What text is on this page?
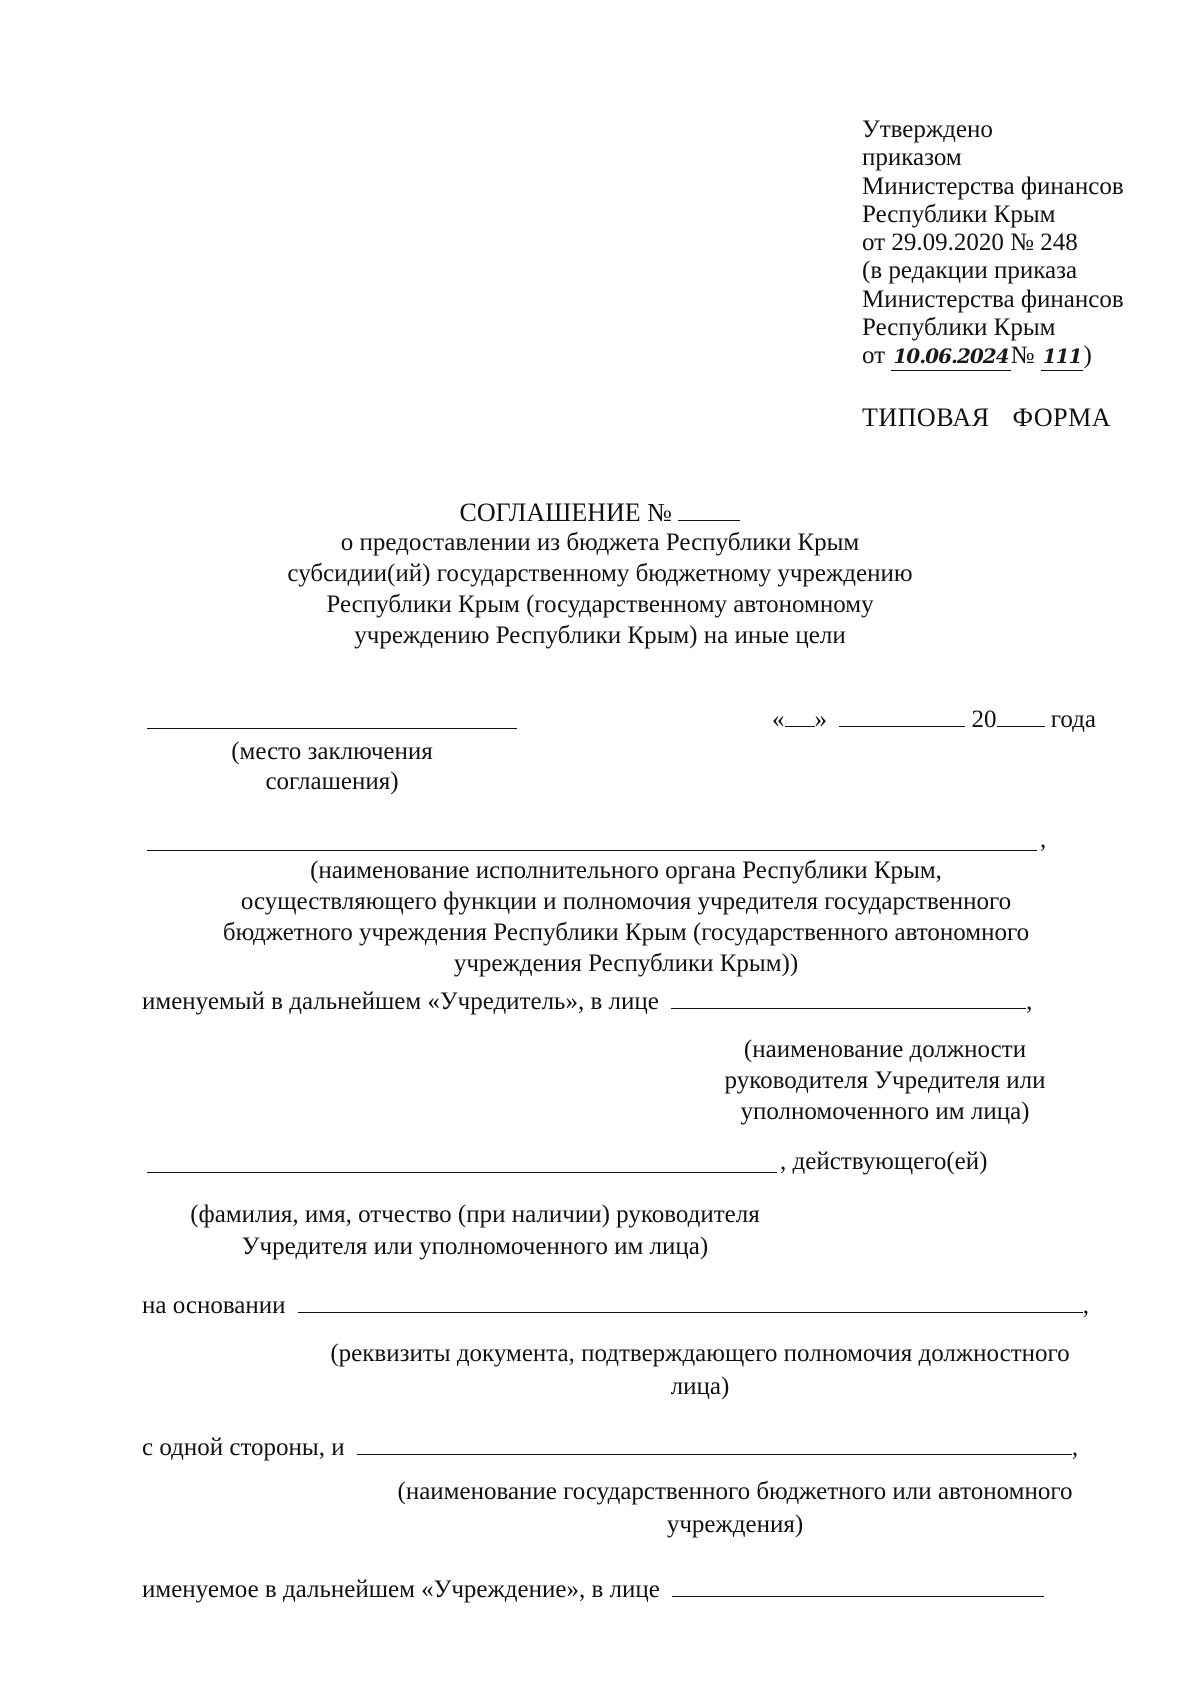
Утверждено
приказом
Министерства финансов
Республики Крым
от 29.09.2020 № 248
(в редакции приказа
Министерства финансов
Республики Крым
от 10.06.2024№ 111)
ТИПОВАЯ ФОРМА
СОГЛАШЕНИЕ №
о предоставлении из бюджета Республики Крым
субсидии(ий) государственному бюджетному учреждению
Республики Крым (государственному автономному
учреждению Республики Крым) на иные цели
« »	20 года
(место заключения
соглашения)
,
(наименование исполнительного органа Республики Крым,
осуществляющего функции и полномочия учредителя государственного
бюджетного учреждения Республики Крым (государственного автономного
учреждения Республики Крым))
именуемый в дальнейшем «Учредитель», в лице	,
(наименование должности
руководителя Учредителя или
уполномоченного им лица)
, действующего(ей)
(фамилия, имя, отчество (при наличии) руководителя
Учредителя или уполномоченного им лица)
на основании	,
(реквизиты документа, подтверждающего полномочия должностного
лица)
с одной стороны, и	,
(наименование государственного бюджетного или автономного
учреждения)
именуемое в дальнейшем «Учреждение», в лице
